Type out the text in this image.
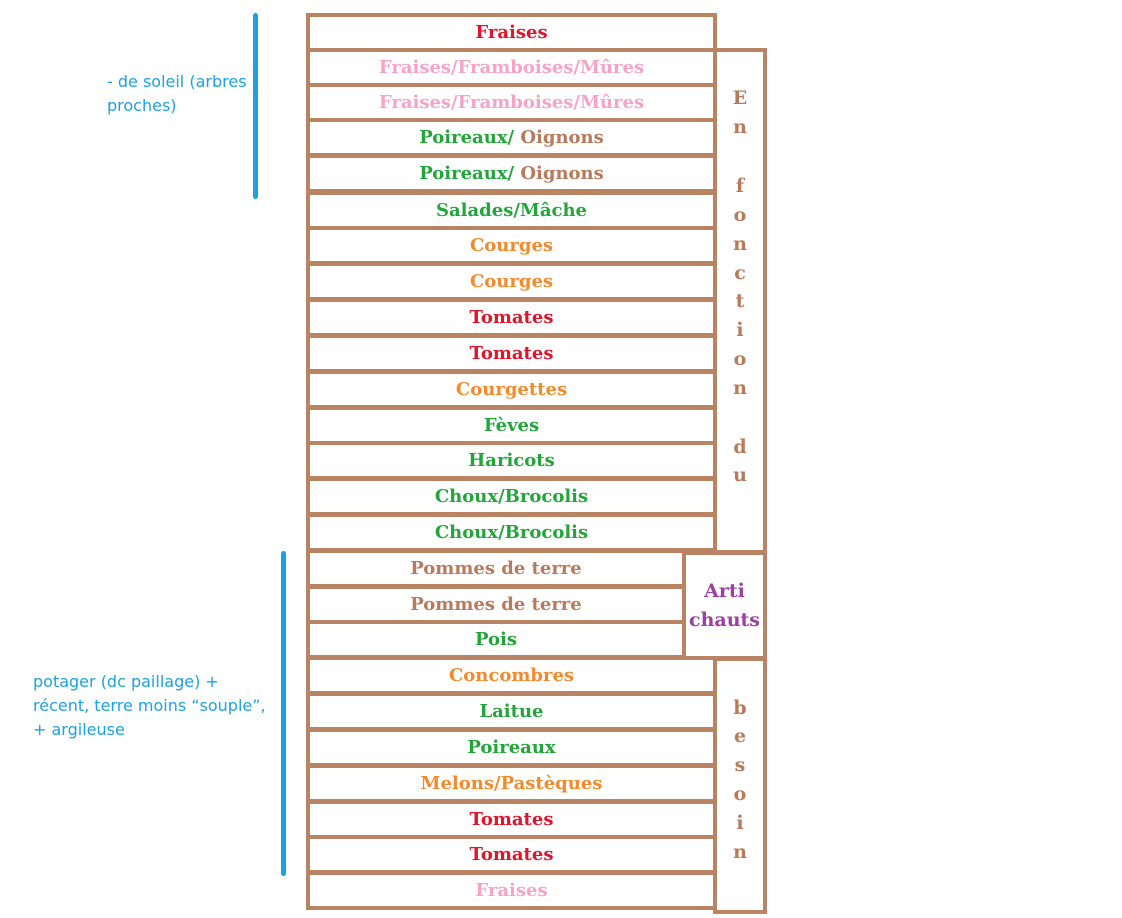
- de soleil (arbres
proches)

potager (dc paillage) +
récent, terre moins “souple”,
+ argileuse

Fraises
Fraises/Framboises/Mûres
Fraises/Framboises/Mûres
Poireaux/ Oignons
Poireaux/ Oignons
Salades/Mâche
Courges
Courges
Tomates
Tomates
Courgettes
Fèves
Haricots
Choux/Brocolis
Choux/Brocolis
Pommes de terre
Pommes de terre
Pois
Concombres
Laitue
Poireaux
Melons/Pastèques
Tomates
Tomates
Fraises
E
n
f
o
n
c
t
i
o
n
d
u
Arti
chauts
b
e
s
o
i
n
